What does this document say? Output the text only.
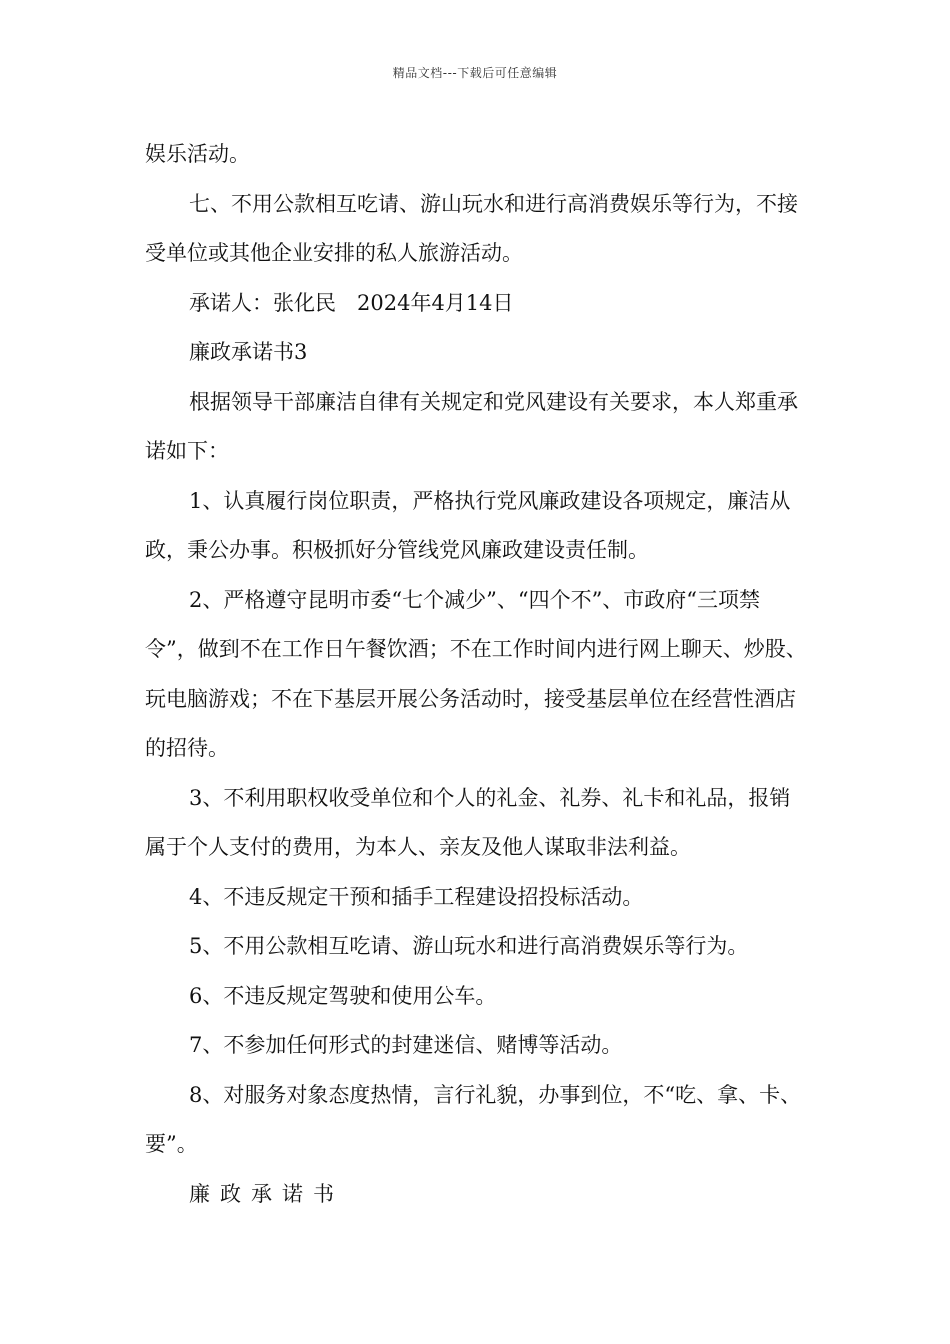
精品文档---下载后可任意编辑

娱乐活动。

七、不用公款相互吃请、游山玩水和进行高消费娱乐等行为，不接受单位或其他企业安排的私人旅游活动。

承诺人：张化民　2024年4月14日

廉政承诺书3

根据领导干部廉洁自律有关规定和党风建设有关要求，本人郑重承诺如下：

1、认真履行岗位职责，严格执行党风廉政建设各项规定，廉洁从政，秉公办事。积极抓好分管线党风廉政建设责任制。

2、严格遵守昆明市委“七个减少”、“四个不”、市政府“三项禁令”，做到不在工作日午餐饮酒；不在工作时间内进行网上聊天、炒股、玩电脑游戏；不在下基层开展公务活动时，接受基层单位在经营性酒店的招待。

3、不利用职权收受单位和个人的礼金、礼券、礼卡和礼品，报销属于个人支付的费用，为本人、亲友及他人谋取非法利益。

4、不违反规定干预和插手工程建设招投标活动。

5、不用公款相互吃请、游山玩水和进行高消费娱乐等行为。

6、不违反规定驾驶和使用公车。

7、不参加任何形式的封建迷信、赌博等活动。

8、对服务对象态度热情，言行礼貌，办事到位，不“吃、拿、卡、要”。

廉政承诺书
